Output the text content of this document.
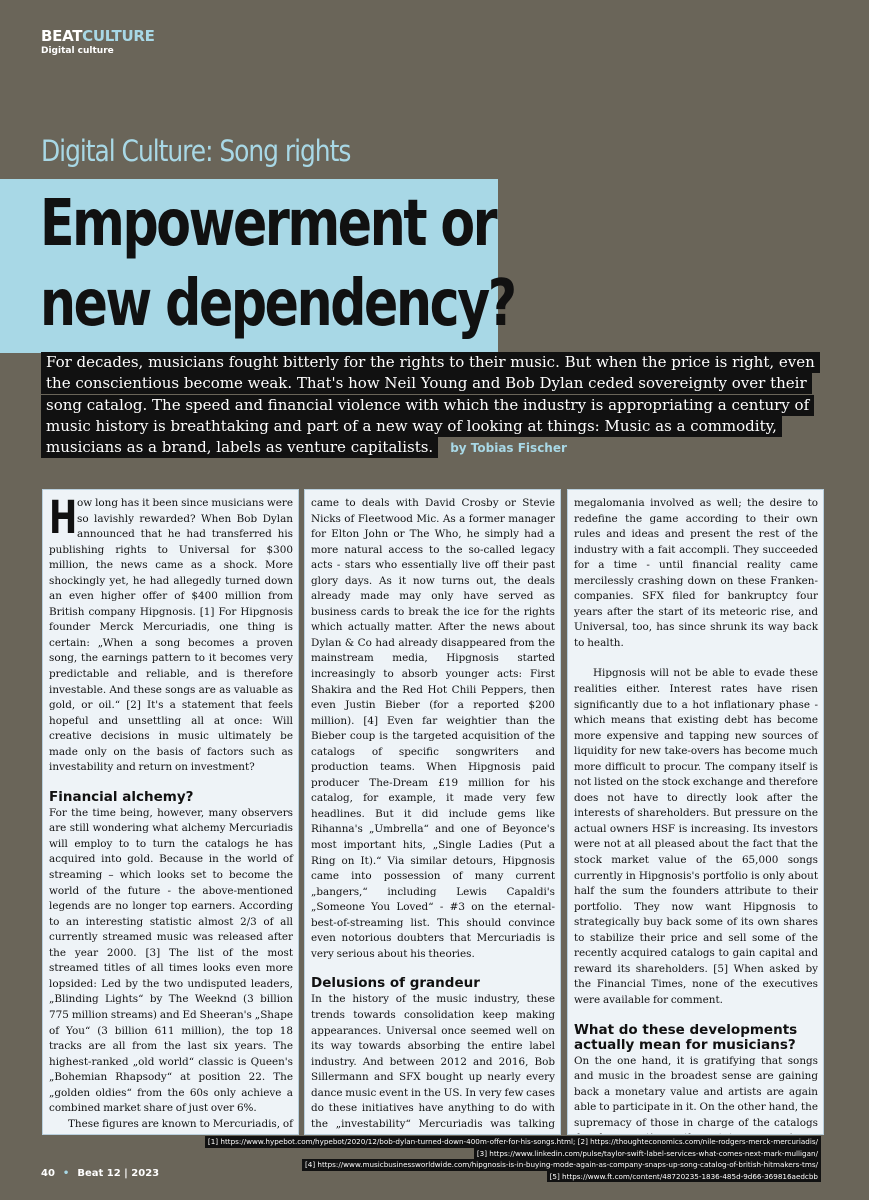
BEATCULTURE
Digital culture
Digital Culture: Song rights
Empowerment or
new dependency?
For decades, musicians fought bitterly for the rights to their music. But when the price is right, even the conscientious become weak. That's how Neil Young and Bob Dylan ceded sovereignty over their song catalog. The speed and financial violence with which the industry is appropriating a century of music history is breathtaking and part of a new way of looking at things: Music as a commodity, musicians as a brand, labels as venture capitalists. by Tobias Fischer

How long has it been since musicians were so lavishly rewarded? When Bob Dylan announced that he had transferred his publishing rights to Universal for $300 million, the news came as a shock. More shockingly yet, he had allegedly turned down an even higher offer of $400 million from British company Hipgnosis. [1] For Hipgnosis founder Merck Mercuriadis, one thing is certain: „When a song becomes a proven song, the earnings pattern to it becomes very predictable and reliable, and is therefore investable. And these songs are as valuable as gold, or oil.“ [2] It's a statement that feels hopeful and unsettling all at once: Will creative decisions in music ultimately be made only on the basis of factors such as investability and return on investment?

Financial alchemy?

For the time being, however, many observers are still wondering what alchemy Mercuriadis will employ to to turn the catalogs he has acquired into gold. Because in the world of streaming – which looks set to become the world of the future - the above-mentioned legends are no longer top earners. According to an interesting statistic almost 2/3 of all currently streamed music was released after the year 2000. [3] The list of the most streamed titles of all times looks even more lopsided: Led by the two undisputed leaders, „Blinding Lights“ by The Weeknd (3 billion 775 million streams) and Ed Sheeran's „Shape of You“ (3 billion 611 million), the top 18 tracks are all from the last six years. The highest-ranked „old world“ classic is Queen's „Bohemian Rhapsody“ at position 22. The „golden oldies“ from the 60s only achieve a combined market share of just over 6%.

These figures are known to Mercuriadis, of

came to deals with David Crosby or Stevie Nicks of Fleetwood Mic. As a former manager for Elton John or The Who, he simply had a more natural access to the so-called legacy acts - stars who essentially live off their past glory days. As it now turns out, the deals already made may only have served as business cards to break the ice for the rights which actually matter. After the news about Dylan & Co had already disappeared from the mainstream media, Hipgnosis started increasingly to absorb younger acts: First Shakira and the Red Hot Chili Peppers, then even Justin Bieber (for a reported $200 million). [4] Even far weightier than the Bieber coup is the targeted acquisition of the catalogs of specific songwriters and production teams. When Hipgnosis paid producer The-Dream £19 million for his catalog, for example, it made very few headlines. But it did include gems like Rihanna's „Umbrella“ and one of Beyonce's most important hits, „Single Ladies (Put a Ring on It).“ Via similar detours, Hipgnosis came into possession of many current „bangers,“ including Lewis Capaldi's „Someone You Loved“ - #3 on the eternal-best-of-streaming list. This should convince even notorious doubters that Mercuriadis is very serious about his theories.

Delusions of grandeur

In the history of the music industry, these trends towards consolidation keep making appearances. Universal once seemed well on its way towards absorbing the entire label industry. And between 2012 and 2016, Bob Sillermann and SFX bought up nearly every dance music event in the US. In very few cases do these initiatives have anything to do with the „investability“ Mercuriadis was talking

megalomania involved as well; the desire to redefine the game according to their own rules and ideas and present the rest of the industry with a fait accompli. They succeeded for a time - until financial reality came mercilessly crashing down on these Franken-companies. SFX filed for bankruptcy four years after the start of its meteoric rise, and Universal, too, has since shrunk its way back to health.

Hipgnosis will not be able to evade these realities either. Interest rates have risen significantly due to a hot inflationary phase - which means that existing debt has become more expensive and tapping new sources of liquidity for new take-overs has become much more difficult to procur. The company itself is not listed on the stock exchange and therefore does not have to directly look after the interests of shareholders. But pressure on the actual owners HSF is increasing. Its investors were not at all pleased about the fact that the stock market value of the 65,000 songs currently in Hipgnosis's portfolio is only about half the sum the founders attribute to their portfolio. They now want Hipgnosis to strategically buy back some of its own shares to stabilize their price and sell some of the recently acquired catalogs to gain capital and reward its shareholders. [5] When asked by the Financial Times, none of the executives were available for comment.

What do these developments actually mean for musicians?

On the one hand, it is gratifying that songs and music in the broadest sense are gaining back a monetary value and artists are again able to participate in it. On the other hand, the supremacy of those in charge of the catalogs

[1] https://www.hypebot.com/hypebot/2020/12/bob-dylan-turned-down-400m-offer-for-his-songs.html; [2] https://thoughteconomics.com/nile-rodgers-merck-mercuriadis/
[3] https://www.linkedin.com/pulse/taylor-swift-label-services-what-comes-next-mark-mulligan/
[4] https://www.musicbusinessworldwide.com/hipgnosis-is-in-buying-mode-again-as-company-snaps-up-song-catalog-of-british-hitmakers-tms/
[5] https://www.ft.com/content/48720235-1836-485d-9d66-369816aedcbb
40 • Beat 12 | 2023
